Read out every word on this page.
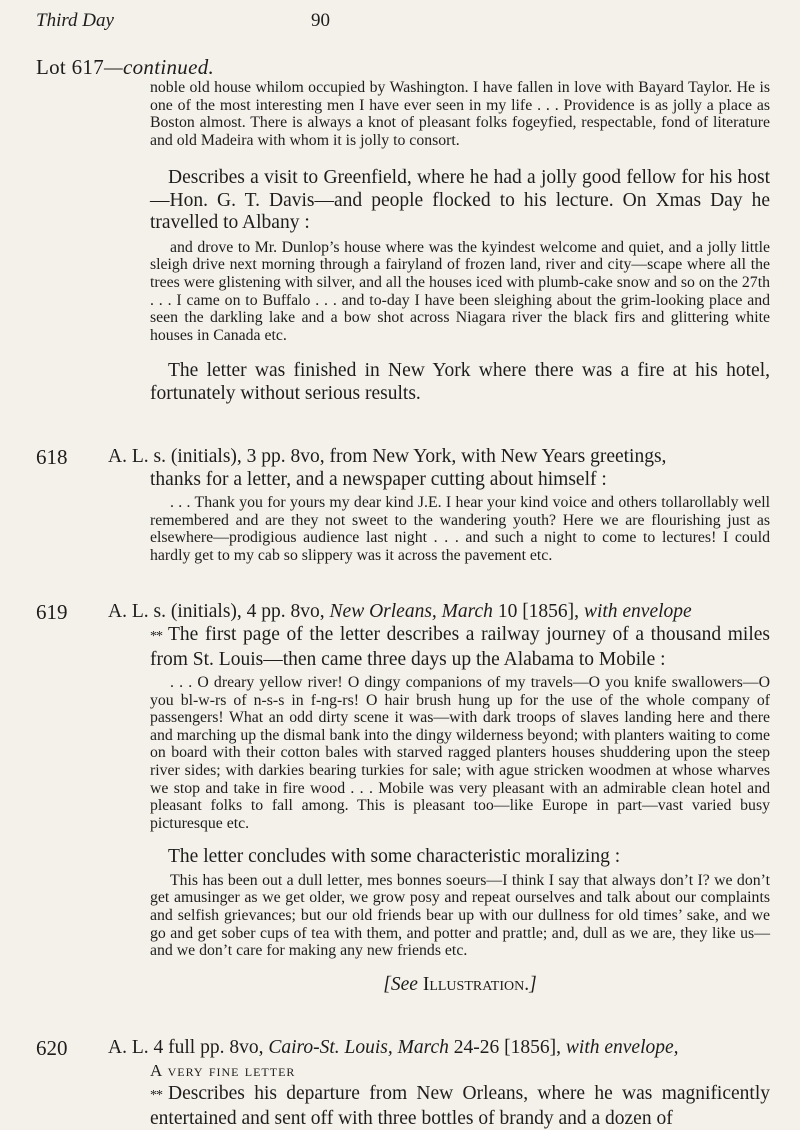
Third Day	90
Lot 617—continued.

noble old house whilom occupied by Washington. I have fallen in love with Bayard Taylor. He is one of the most interesting men I have ever seen in my life . . . Providence is as jolly a place as Boston almost. There is always a knot of pleasant folks fogeyfied, respectable, fond of literature and old Madeira with whom it is jolly to consort.

Describes a visit to Greenfield, where he had a jolly good fellow for his host—Hon. G. T. Davis—and people flocked to his lecture. On Xmas Day he travelled to Albany :

and drove to Mr. Dunlop’s house where was the kyindest welcome and quiet, and a jolly little sleigh drive next morning through a fairyland of frozen land, river and city—scape where all the trees were glistening with silver, and all the houses iced with plumb-cake snow and so on the 27th . . . I came on to Buffalo . . . and to-day I have been sleighing about the grim-looking place and seen the darkling lake and a bow shot across Niagara river the black firs and glittering white houses in Canada etc.

The letter was finished in New York where there was a fire at his hotel, fortunately without serious results.

618 A. L. s. (initials), 3 pp. 8vo, from New York, with New Years greetings,
thanks for a letter, and a newspaper cutting about himself :

. . . Thank you for yours my dear kind J.E. I hear your kind voice and others tollarollably well remembered and are they not sweet to the wandering youth? Here we are flourishing just as elsewhere—prodigious audience last night . . . and such a night to come to lectures! I could hardly get to my cab so slippery was it across the pavement etc.

619 A. L. s. (initials), 4 pp. 8vo, New Orleans, March 10 [1856], with envelope

** The first page of the letter describes a railway journey of a thousand miles from St. Louis—then came three days up the Alabama to Mobile :

. . . O dreary yellow river! O dingy companions of my travels—O you knife swallowers—O you bl-w-rs of n-s-s in f-ng-rs! O hair brush hung up for the use of the whole company of passengers! What an odd dirty scene it was—with dark troops of slaves landing here and there and marching up the dismal bank into the dingy wilderness beyond; with planters waiting to come on board with their cotton bales with starved ragged planters houses shuddering upon the steep river sides; with darkies bearing turkies for sale; with ague stricken woodmen at whose wharves we stop and take in fire wood . . . Mobile was very pleasant with an admirable clean hotel and pleasant folks to fall among. This is pleasant too—like Europe in part—vast varied busy picturesque etc.

The letter concludes with some characteristic moralizing :

This has been out a dull letter, mes bonnes soeurs—I think I say that always don’t I? we don’t get amusinger as we get older, we grow posy and repeat ourselves and talk about our complaints and selfish grievances; but our old friends bear up with our dullness for old times’ sake, and we go and get sober cups of tea with them, and potter and prattle; and, dull as we are, they like us—and we don’t care for making any new friends etc.

[See Illustration.]

620 A. L. 4 full pp. 8vo, Cairo-St. Louis, March 24-26 [1856], with envelope,
A very fine letter

** Describes his departure from New Orleans, where he was magnificently entertained and sent off with three bottles of brandy and a dozen of
